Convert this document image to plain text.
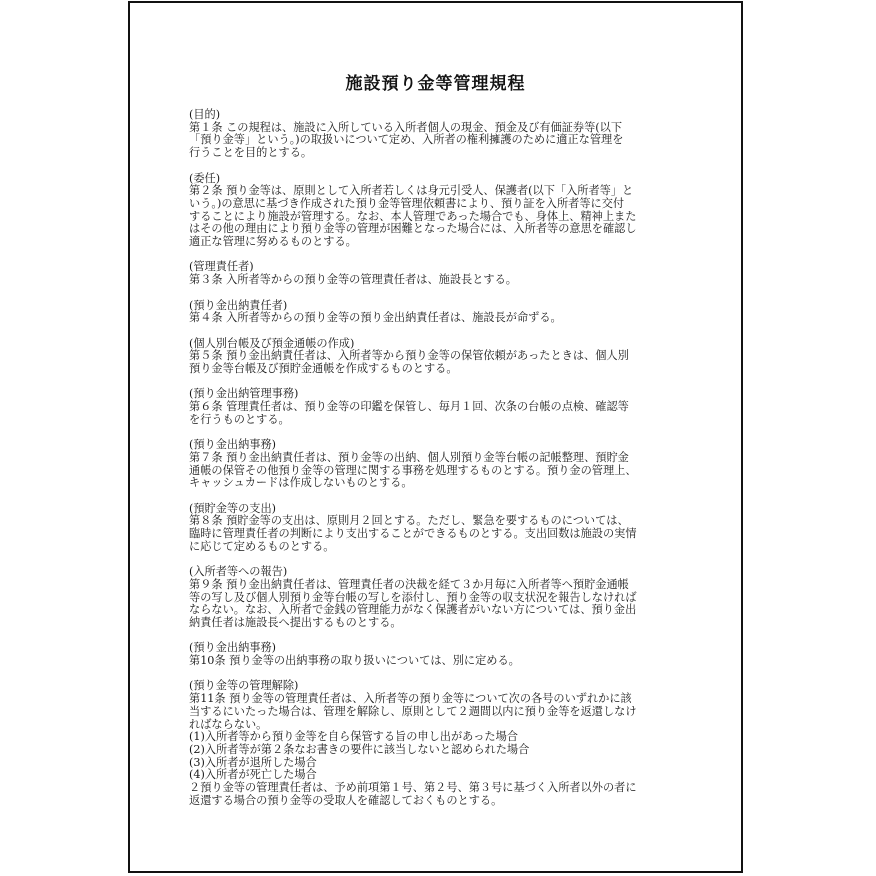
施設預り金等管理規程

(目的)

第１条 この規程は、施設に入所している入所者個人の現金、預金及び有価証券等(以下
「預り金等」という。)の取扱いについて定め、入所者の権利擁護のために適正な管理を
行うことを目的とする。

(委任)

第２条 預り金等は、原則として入所者若しくは身元引受人、保護者(以下「入所者等」と
いう。)の意思に基づき作成された預り金等管理依頼書により、預り証を入所者等に交付
することにより施設が管理する。なお、本人管理であった場合でも、身体上、精神上また
はその他の理由により預り金等の管理が困難となった場合には、入所者等の意思を確認し
適正な管理に努めるものとする。

(管理責任者)

第３条 入所者等からの預り金等の管理責任者は、施設長とする。

(預り金出納責任者)

第４条 入所者等からの預り金等の預り金出納責任者は、施設長が命ずる。

(個人別台帳及び預金通帳の作成)

第５条 預り金出納責任者は、入所者等から預り金等の保管依頼があったときは、個人別
預り金等台帳及び預貯金通帳を作成するものとする。

(預り金出納管理事務)

第６条 管理責任者は、預り金等の印鑑を保管し、毎月１回、次条の台帳の点検、確認等
を行うものとする。

(預り金出納事務)

第７条 預り金出納責任者は、預り金等の出納、個人別預り金等台帳の記帳整理、預貯金
通帳の保管その他預り金等の管理に関する事務を処理するものとする。預り金の管理上、
キャッシュカードは作成しないものとする。

(預貯金等の支出)

第８条 預貯金等の支出は、原則月２回とする。ただし、緊急を要するものについては、
臨時に管理責任者の判断により支出することができるものとする。支出回数は施設の実情
に応じて定めるものとする。

(入所者等への報告)

第９条 預り金出納責任者は、管理責任者の決裁を経て３か月毎に入所者等へ預貯金通帳
等の写し及び個人別預り金等台帳の写しを添付し、預り金等の収支状況を報告しなければ
ならない。なお、入所者で金銭の管理能力がなく保護者がいない方については、預り金出
納責任者は施設長へ提出するものとする。

(預り金出納事務)

第10条 預り金等の出納事務の取り扱いについては、別に定める。

(預り金等の管理解除)

第11条 預り金等の管理責任者は、入所者等の預り金等について次の各号のいずれかに該
当するにいたった場合は、管理を解除し、原則として２週間以内に預り金等を返還しなけ
ればならない。

(1)入所者等から預り金等を自ら保管する旨の申し出があった場合

(2)入所者等が第２条なお書きの要件に該当しないと認められた場合

(3)入所者が退所した場合

(4)入所者が死亡した場合

２預り金等の管理責任者は、予め前項第１号、第２号、第３号に基づく入所者以外の者に
返還する場合の預り金等の受取人を確認しておくものとする。
